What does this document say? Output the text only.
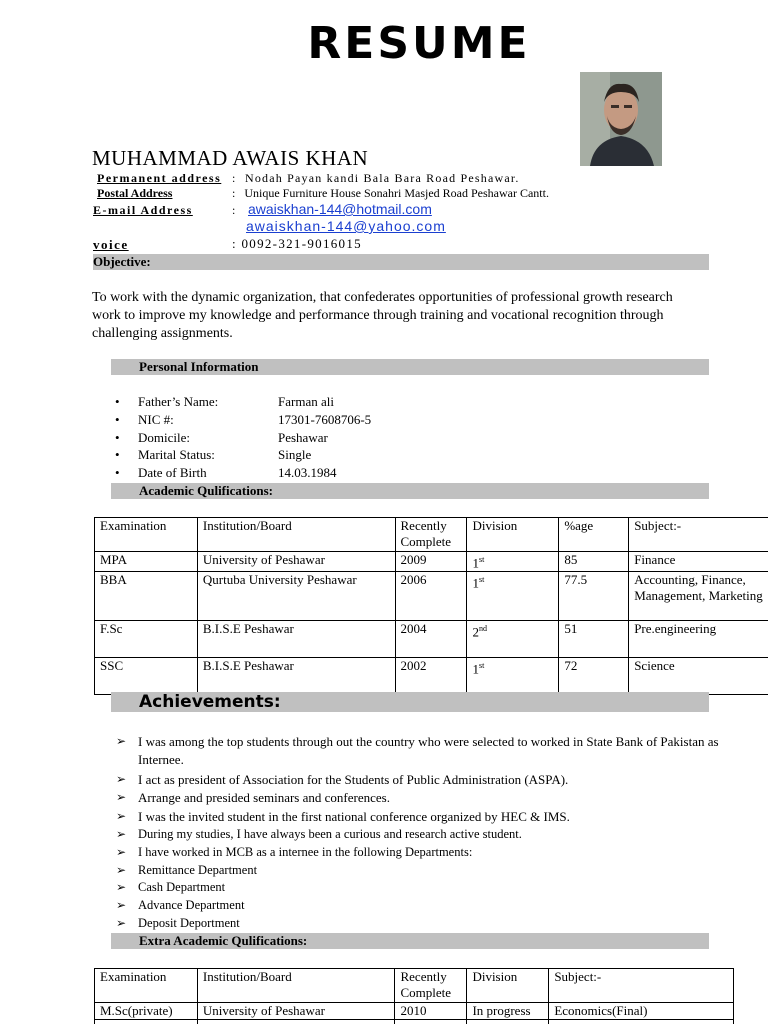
RESUME
MUHAMMAD AWAIS KHAN
Permanent address : Nodah Payan kandi Bala Bara Road Peshawar.
Postal Address	: Unique Furniture House Sonahri Masjed Road Peshawar Cantt.
E-mail Address	: awaiskhan-144@hotmail.com
awaiskhan-144@yahoo.com
voice	: 0092-321-9016015
Objective:
To work with the dynamic organization, that confederates opportunities of professional growth research work to improve my knowledge and performance through training and vocational recognition through challenging assignments.
Personal Information
• Father’s Name:	Farman ali
• NIC #:	17301-7608706-5
• Domicile:	Peshawar
• Marital Status:	Single
• Date of Birth	14.03.1984
Academic Qulifications:
Examination	Institution/Board	Recently Complete	Division	%age	Subject:-
MPA	University of Peshawar	2009	1st	85	Finance
BBA	Qurtuba University Peshawar	2006	1st	77.5	Accounting, Finance, Management, Marketing
F.Sc	B.I.S.E Peshawar	2004	2nd	51	Pre.engineering
SSC	B.I.S.E Peshawar	2002	1st	72	Science
Achievements:
➢ I was among the top students through out the country who were selected to worked in State Bank of Pakistan as Internee.
➢ I act as president of Association for the Students of Public Administration (ASPA).
➢ Arrange and presided seminars and conferences.
➢ I was the invited student in the first national conference organized by HEC & IMS.
➢ During my studies, I have always been a curious and research active student.
➢ I have worked in MCB as a internee in the following Departments:
➢ Remittance Department
➢ Cash Department
➢ Advance Department
➢ Deposit Deportment
Extra Academic Qulifications:
Examination	Institution/Board	Recently Complete	Division	Subject:-
M.Sc(private)	University of Peshawar	2010	In progress	Economics(Final)
